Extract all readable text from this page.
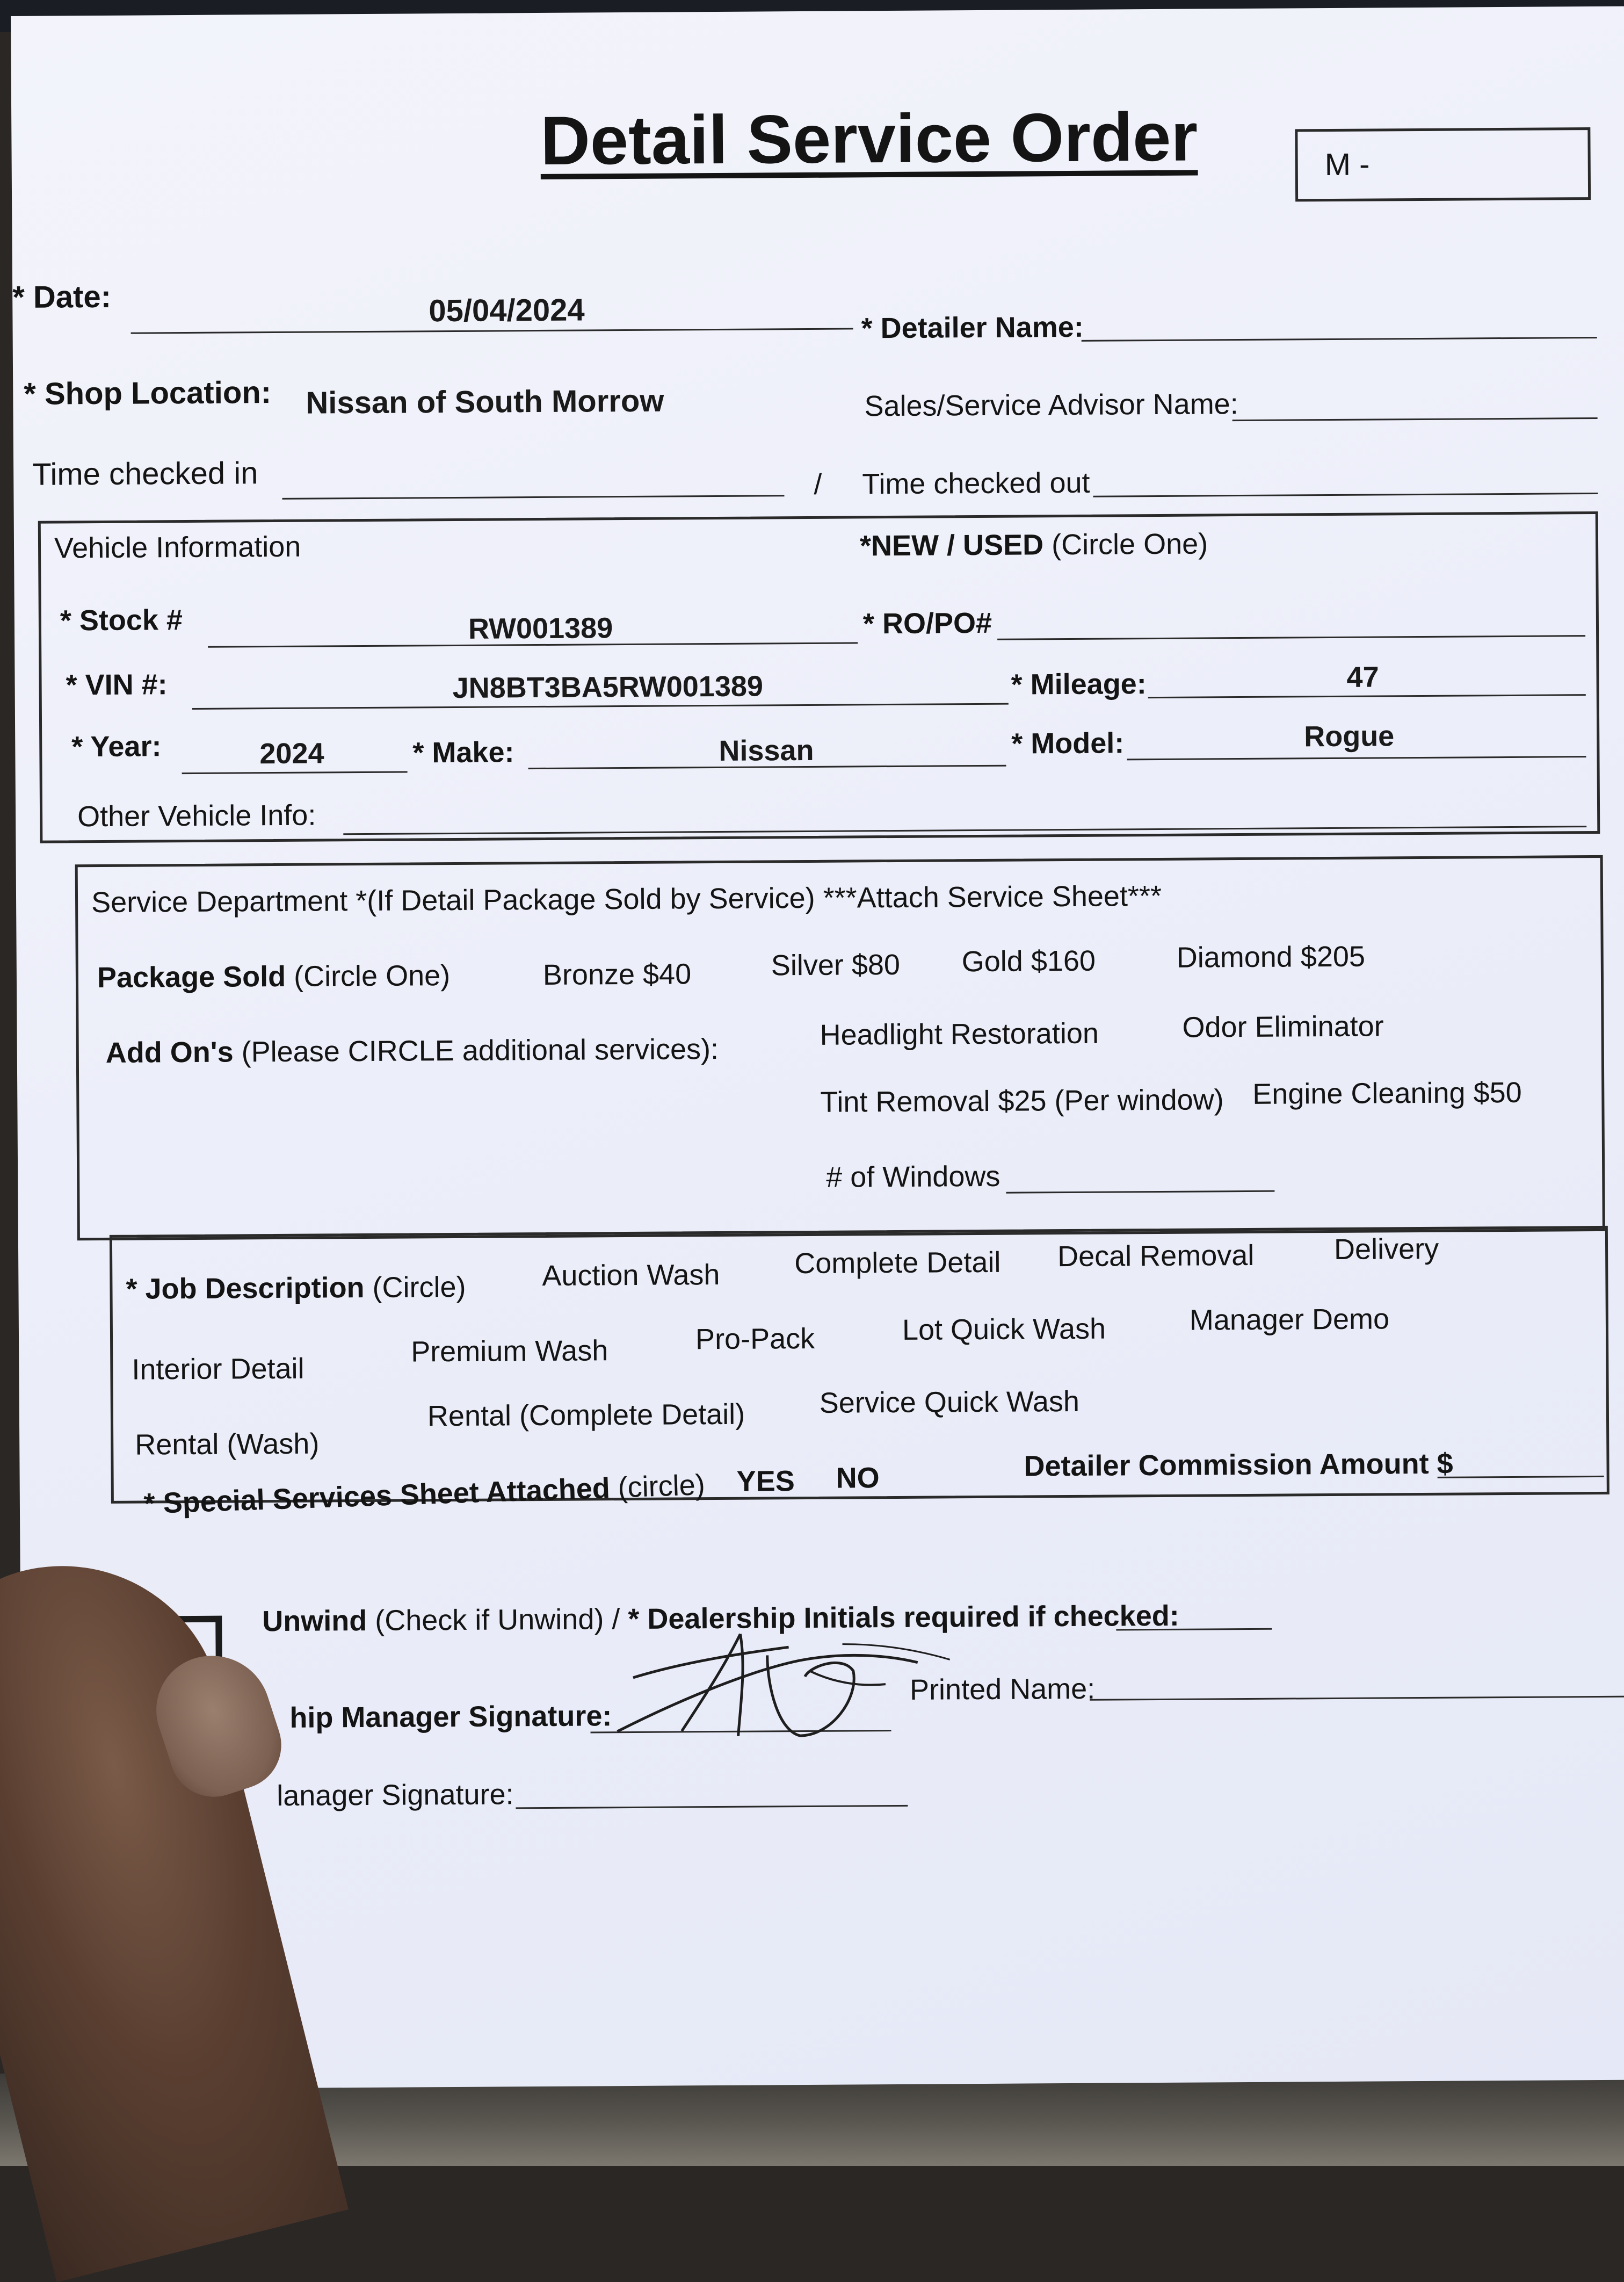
Detail Service Order	M -
* Date:	05/04/2024	* Detailer Name:
* Shop Location: Nissan of South Morrow	Sales/Service Advisor Name:
Time checked in	/ Time checked out
Vehicle Information	*NEW / USED (Circle One)
* Stock #	RW001389	* RO/PO#
* VIN #:	JN8BT3BA5RW001389	* Mileage:	47
* Year:	2024	* Make:	Nissan	* Model:	Rogue
Other Vehicle Info:
Service Department *(If Detail Package Sold by Service) ***Attach Service Sheet***
Package Sold (Circle One)	Bronze $40	Silver $80 Gold $160	Diamond $205
Add On's (Please CIRCLE additional services):	Headlight Restoration	Odor Eliminator
Tint Removal $25 (Per window) Engine Cleaning $50
# of Windows
* Job Description (Circle)	Auction Wash	Complete Detail Decal Removal	Delivery
Interior Detail
Premium Wash	Pro-Pack	Lot Quick Wash	Manager Demo
Rental (Wash)
Rental (Complete Detail)	Service Quick Wash
* Special Services Sheet Attached (circle) YES NO	Detailer Commission Amount $
Unwind (Check if Unwind) / * Dealership Initials required if checked:
hip Manager Signature:
Printed Name:
lanager Signature:
